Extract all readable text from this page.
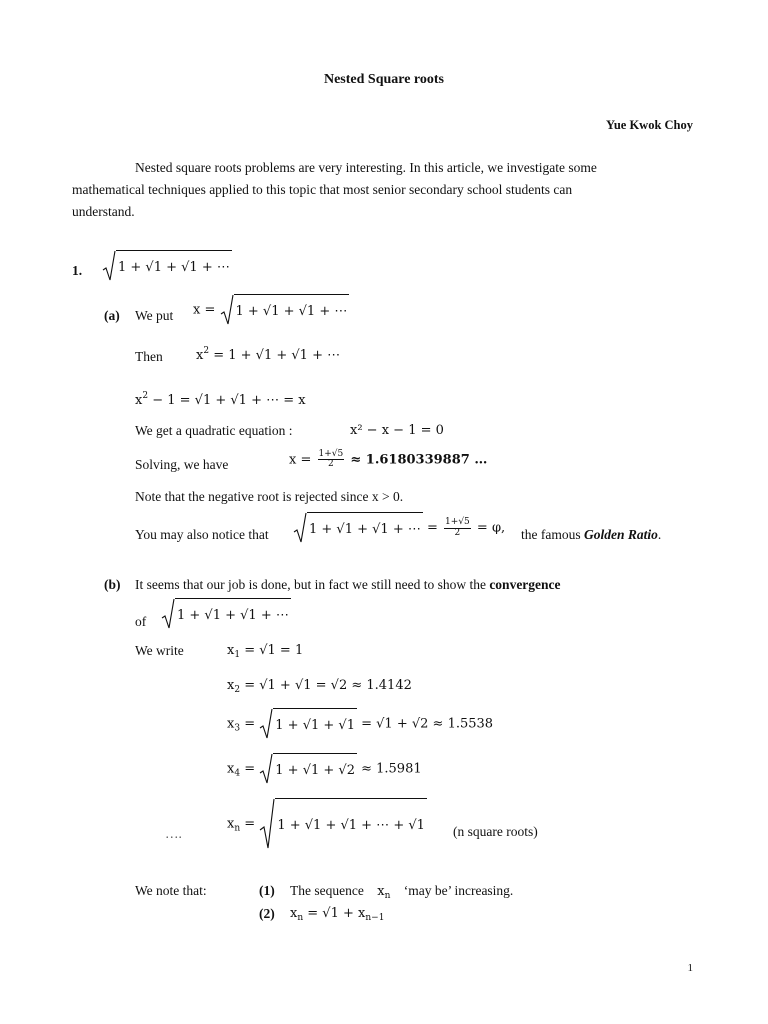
Nested Square roots
Yue Kwok Choy
Nested square roots problems are very interesting. In this article, we investigate some
mathematical techniques applied to this topic that most senior secondary school students can
understand.
1.	1 + √1 + √1 + ⋯
(a) We put x = 1 + √1 + √1 + ⋯
Then	$x^2 = 1 + √1 + √1$ + ⋯
$x^2 - 1 = √1 + √1$ + ⋯ = x
We get a quadratic equation :	x² − x − 1 = 0
Solving, we have	$x = \frac{1+√5}{2} \approx 1.6180339887$ …
Note that the negative root is rejected since x > 0.
You may also notice that	1 + √1 + √1 + ⋯ = $\frac{1+√5}{2} = \varphi$, the famous Golden Ratio.
(b) It seems that our job is done, but in fact we still need to show the convergence
of 1 + √1 + √1 + ⋯
We write	$x_1 = √1 = 1$
$x_2 = √1 + √1 = √2 \approx 1.4142$
$x_3 = 1 + √1 + √1 = √1 + √2 \approx 1.5538$
$x_4 = 1 + √1 + √2 \approx 1.5981$
….
$x_n = 1 + √1 + √1$ + ⋯ + √1 (n square roots)
We note that:	(1) The sequence $x_n$ ‘may be’ increasing.
(2) $x_n = √1 + x_{n-1}$
1
